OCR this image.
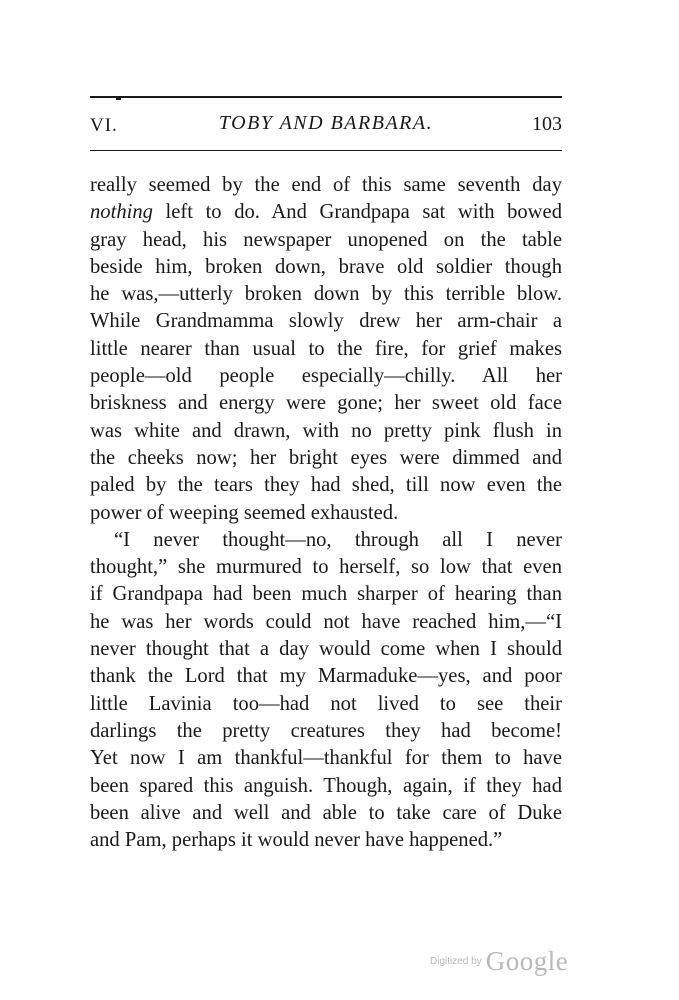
VI.	TOBY AND BARBARA.	103
really seemed by the end of this same seventh day
nothing left to do. And Grandpapa sat with bowed
gray head, his newspaper unopened on the table
beside him, broken down, brave old soldier though
he was,—utterly broken down by this terrible blow.
While Grandmamma slowly drew her arm-chair a
little nearer than usual to the fire, for grief makes
people—old people especially—chilly. All her
briskness and energy were gone; her sweet old face
was white and drawn, with no pretty pink flush in
the cheeks now; her bright eyes were dimmed and
paled by the tears they had shed, till now even the
power of weeping seemed exhausted.
“I never thought—no, through all I never
thought,” she murmured to herself, so low that even
if Grandpapa had been much sharper of hearing than
he was her words could not have reached him,—“I
never thought that a day would come when I should
thank the Lord that my Marmaduke—yes, and poor
little Lavinia too—had not lived to see their
darlings the pretty creatures they had become!
Yet now I am thankful—thankful for them to have
been spared this anguish. Though, again, if they had
been alive and well and able to take care of Duke
and Pam, perhaps it would never have happened.”
Digitized by Google
